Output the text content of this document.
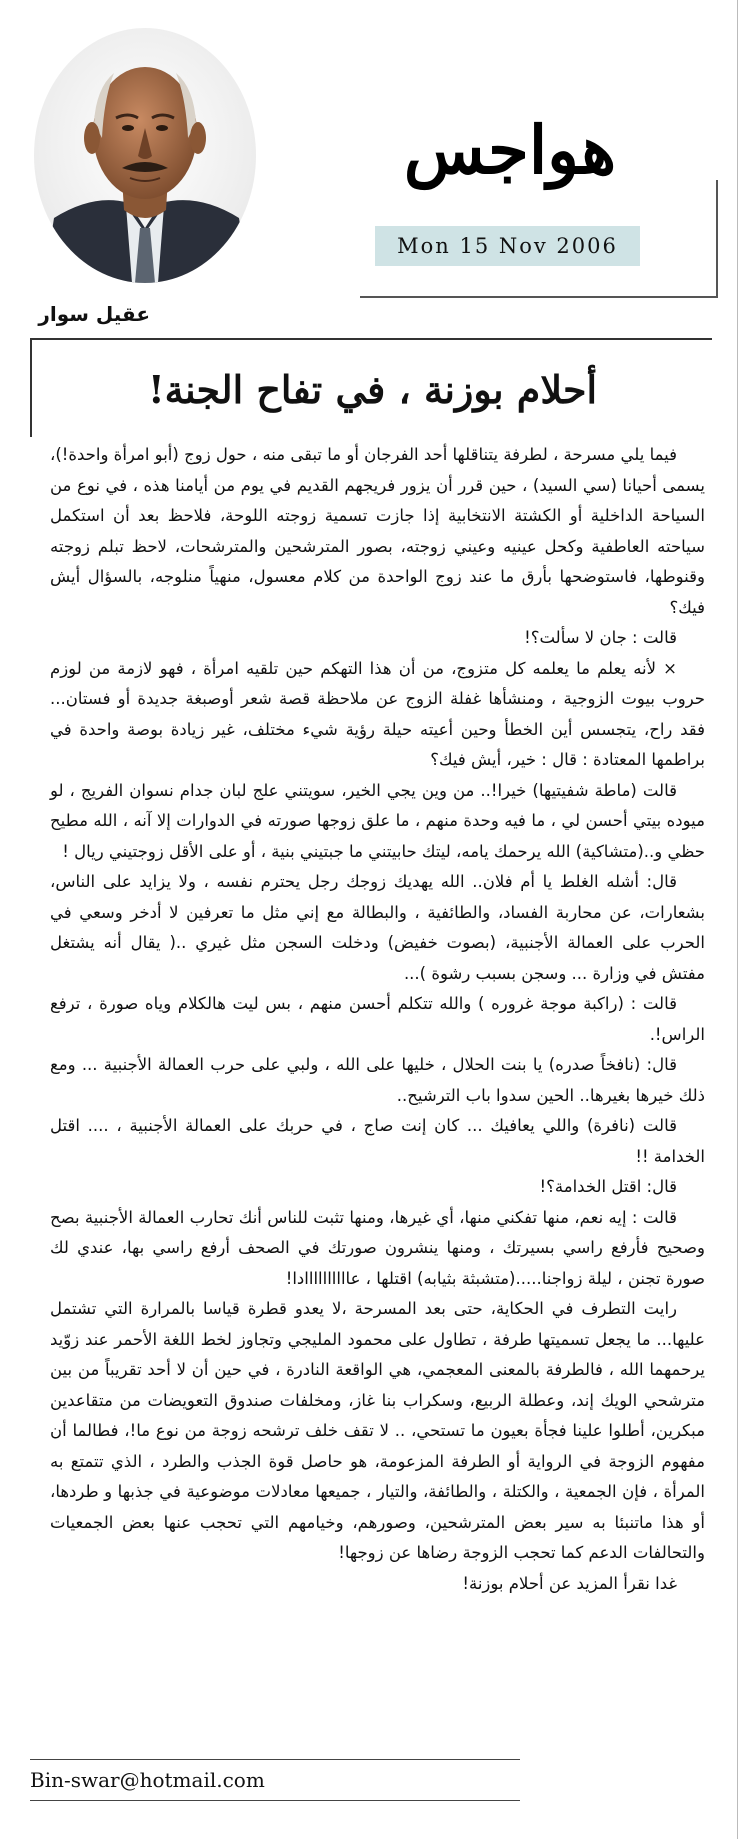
هواجس
Mon 15 Nov 2006
عقيل سوار
أحلام بوزنة ، في تفاح الجنة!

فيما يلي مسرحة ، لطرفة يتناقلها أحد الفرجان أو ما تبقى منه ، حول زوج (أبو امرأة واحدة!)، يسمى أحيانا (سي السيد) ، حين قرر أن يزور فريجهم القديم في يوم من أيامنا هذه ، في نوع من السياحة الداخلية أو الكشتة الانتخابية إذا جازت تسمية زوجته اللوحة، فلاحظ بعد أن استكمل سياحته العاطفية وكحل عينيه وعيني زوجته، بصور المترشحين والمترشحات، لاحظ تبلم زوجته وقنوطها، فاستوضحها بأرق ما عند زوج الواحدة من كلام معسول، منهياً منلوجه، بالسؤال أيش فيك؟

قالت : جان لا سألت؟!

× لأنه يعلم ما يعلمه كل متزوج، من أن هذا التهكم حين تلقيه امرأة ، فهو لازمة من لوزم حروب بيوت الزوجية ، ومنشأها غفلة الزوج عن ملاحظة قصة شعر أوصبغة جديدة أو فستان... فقد راح، يتجسس أين الخطأ وحين أعيته حيلة رؤية شيء مختلف، غير زيادة بوصة واحدة في براطمها المعتادة : قال : خير، أيش فيك؟

قالت (ماطة شفيتيها) خيرا!.. من وين يجي الخير، سويتني علج لبان جدام نسوان الفريج ، لو ميوده بيتي أحسن لي ، ما فيه وحدة منهم ، ما علق زوجها صورته في الدوارات إلا آنه ، الله مطيح حظي و..(متشاكية) الله يرحمك يامه، ليتك حابيتني ما جبتيني بنية ، أو على الأقل زوجتيني ريال !

قال: أشله الغلط يا أم فلان.. الله يهديك زوجك رجل يحترم نفسه ، ولا يزايد على الناس، بشعارات، عن محاربة الفساد، والطائفية ، والبطالة مع إني مثل ما تعرفين لا أدخر وسعي في الحرب على العمالة الأجنبية، (بصوت خفيض) ودخلت السجن مثل غيري ..( يقال أنه يشتغل مفتش في وزارة ... وسجن بسبب رشوة )...

قالت : (راكبة موجة غروره ) والله تتكلم أحسن منهم ، بس ليت هالكلام وياه صورة ، ترفع الراس!.

قال: (نافخاً صدره) يا بنت الحلال ، خليها على الله ، ولبي على حرب العمالة الأجنبية ... ومع ذلك خيرها بغيرها.. الحين سدوا باب الترشيح..

قالت (نافرة) واللي يعافيك ... كان إنت صاج ، في حربك على العمالة الأجنبية ، .... اقتل الخدامة !!

قال: اقتل الخدامة؟!

قالت : إيه نعم، منها تفكني منها، أي غيرها، ومنها تثبت للناس أنك تحارب العمالة الأجنبية بصح وصحيح فأرفع راسي بسيرتك ، ومنها ينشرون صورتك في الصحف أرفع راسي بها، عندي لك صورة تجنن ، ليلة زواجنا.....(متشبثة بثيابه) اقتلها ، عاااااااااادا!

رايت التطرف في الحكاية، حتى بعد المسرحة ،لا يعدو قطرة قياسا بالمرارة التي تشتمل عليها... ما يجعل تسميتها طرفة ، تطاول على محمود المليجي وتجاوز لخط اللغة الأحمر عند زوّيد يرحمهما الله ، فالطرفة بالمعنى المعجمي، هي الواقعة النادرة ، في حين أن لا أحد تقريباً من بين مترشحي الويك إند، وعطلة الربيع، وسكراب بنا غاز، ومخلفات صندوق التعويضات من متقاعدين مبكرين، أطلوا علينا فجأة بعيون ما تستحي، .. لا تقف خلف ترشحه زوجة من نوع ما!، فطالما أن مفهوم الزوجة في الرواية أو الطرفة المزعومة، هو حاصل قوة الجذب والطرد ، الذي تتمتع به المرأة ، فإن الجمعية ، والكتلة ، والطائفة، والتيار ، جميعها معادلات موضوعية في جذبها و طردها، أو هذا ماتنبئا به سير بعض المترشحين، وصورهم، وخيامهم التي تحجب عنها بعض الجمعيات والتحالفات الدعم كما تحجب الزوجة رضاها عن زوجها!

غدا نقرأ المزيد عن أحلام بوزنة!

Bin-swar@hotmail.com
